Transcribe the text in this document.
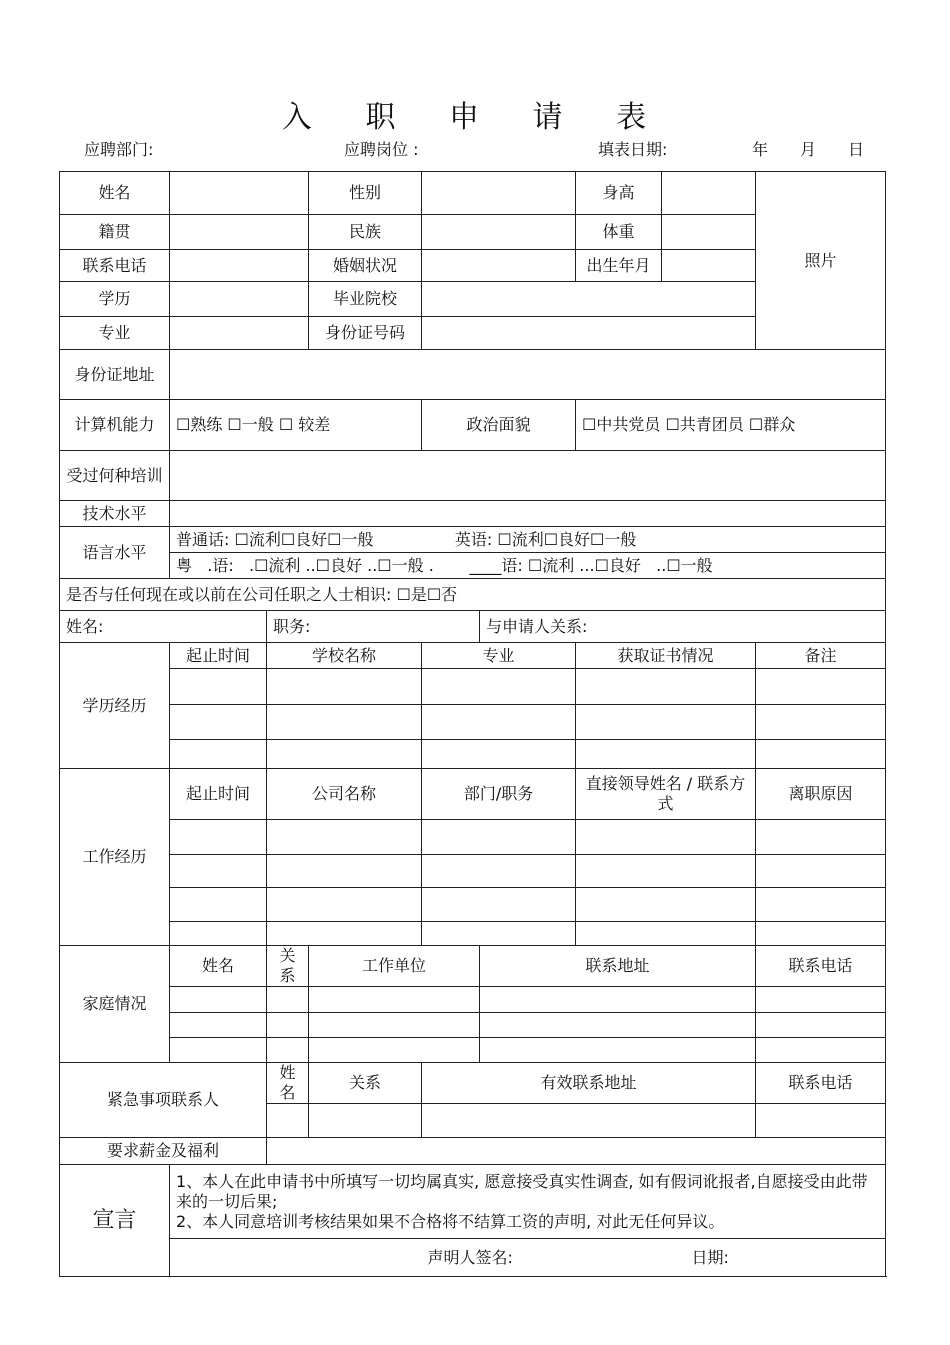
入 职 申 请 表
应聘部门:	应聘岗位 :	填表日期:	年 月 日
姓名			性别			身高		照片	
籍贯			民族			体重			
联系电话			婚姻状况			出生年月			
学历			毕业院校						
专业			身份证号码						
身份证地址									
计算机能力	☐熟练 ☐一般 ☐ 较差			政治面貌		☐中共党员 ☐共青团员 ☐群众			
受过何种培训									
技术水平									
语言水平	普通话: ☐流利☐良好☐一般                英语: ☐流利☐良好☐一般								
	粤   .语:   .☐流利 ..☐良好 ..☐一般 .       ____语: ☐流利 ...☐良好   ..☐一般								
是否与任何现在或以前在公司任职之人士相识: ☐是☐否									
姓名:		职务:			与申请人关系:				
学历经历	起止时间	学校名称		专业		获取证书情况		备注	

工作经历	起止时间	公司名称		部门/职务		直接领导姓名 / 联系方式		离职原因	

家庭情况	姓名	关系	工作单位		联系地址			联系电话	

紧急事项联系人		姓名	关系	有效联系地址				联系电话	

要求薪金及福利									
宣言	1、本人在此申请书中所填写一切均属真实, 愿意接受真实性调查, 如有假词讹报者,自愿接受由此带来的一切后果;
2、本人同意培训考核结果如果不合格将不结算工资的声明, 对此无任何异议。								

				声明人签名:			日期:		
